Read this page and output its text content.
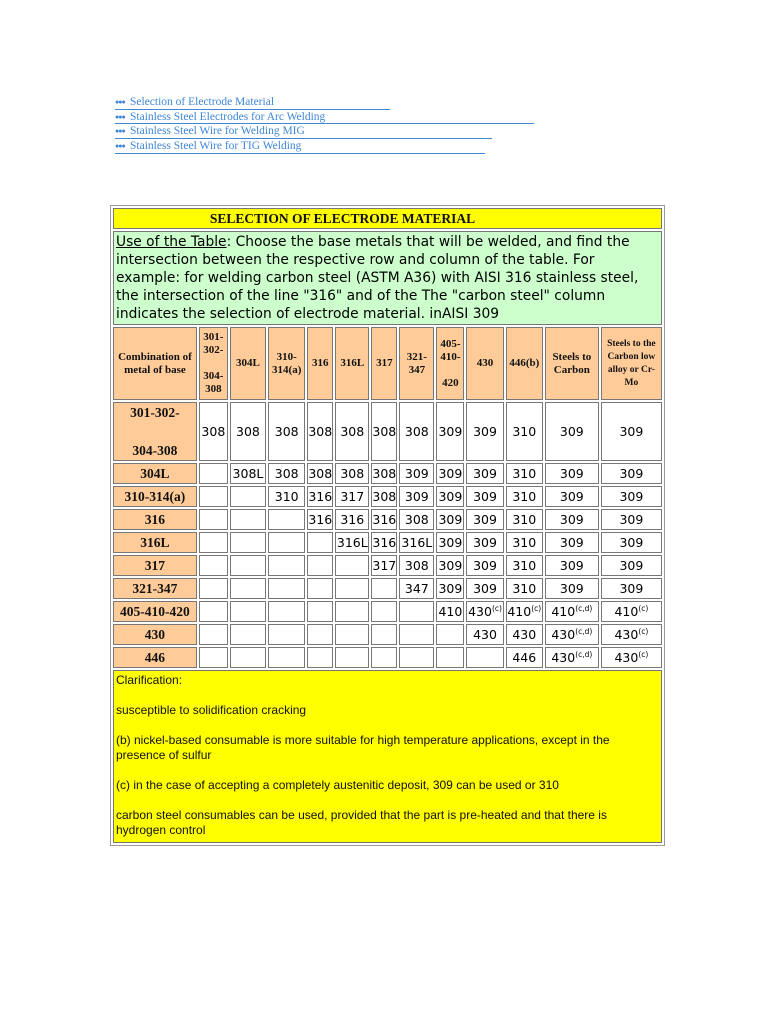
●●● Selection of Electrode Material
●●● Stainless Steel Electrodes for Arc Welding
●●● Stainless Steel Wire for Welding MIG
●●● Stainless Steel Wire for TIG Welding
SELECTION OF ELECTRODE MATERIAL												
Use of the Table: Choose the base metals that will be welded, and find the intersection between the respective row and column of the table. For example: for welding carbon steel (ASTM A36) with AISI 316 stainless steel, the intersection of the line "316" and of the The "carbon steel" column indicates the selection of electrode material. inAISI 309												
Combination of metal of base	301-302-

304-308	304L	310-314(a)	316	316L	317	321-347	405-410-

420	430	446(b)	Steels to Carbon	Steels to the Carbon low alloy or Cr-Mo
301-302-

304-308	308	308	308	308	308	308	308	309	309	310	309	309
304L		308L	308	308	308	308	309	309	309	310	309	309
310-314(a)			310	316	317	308	309	309	309	310	309	309
316				316	316	316	308	309	309	310	309	309
316L					316L	316	316L	309	309	310	309	309
317						317	308	309	309	310	309	309
321-347							347	309	309	310	309	309
405-410-420								410	430$^{(c)}$	410$^{(c)}$	410$^{(c,d)}$	410$^{(c)}$
430									430	430	430$^{(c,d)}$	430$^{(c)}$
446										446	430$^{(c,d)}$	430$^{(c)}$

Clarification:

susceptible to solidification cracking

(b) nickel-based consumable is more suitable for high temperature applications, except in the presence of sulfur

(c) in the case of accepting a completely austenitic deposit, 309 can be used or 310

carbon steel consumables can be used, provided that the part is pre-heated and that there is hydrogen control												
